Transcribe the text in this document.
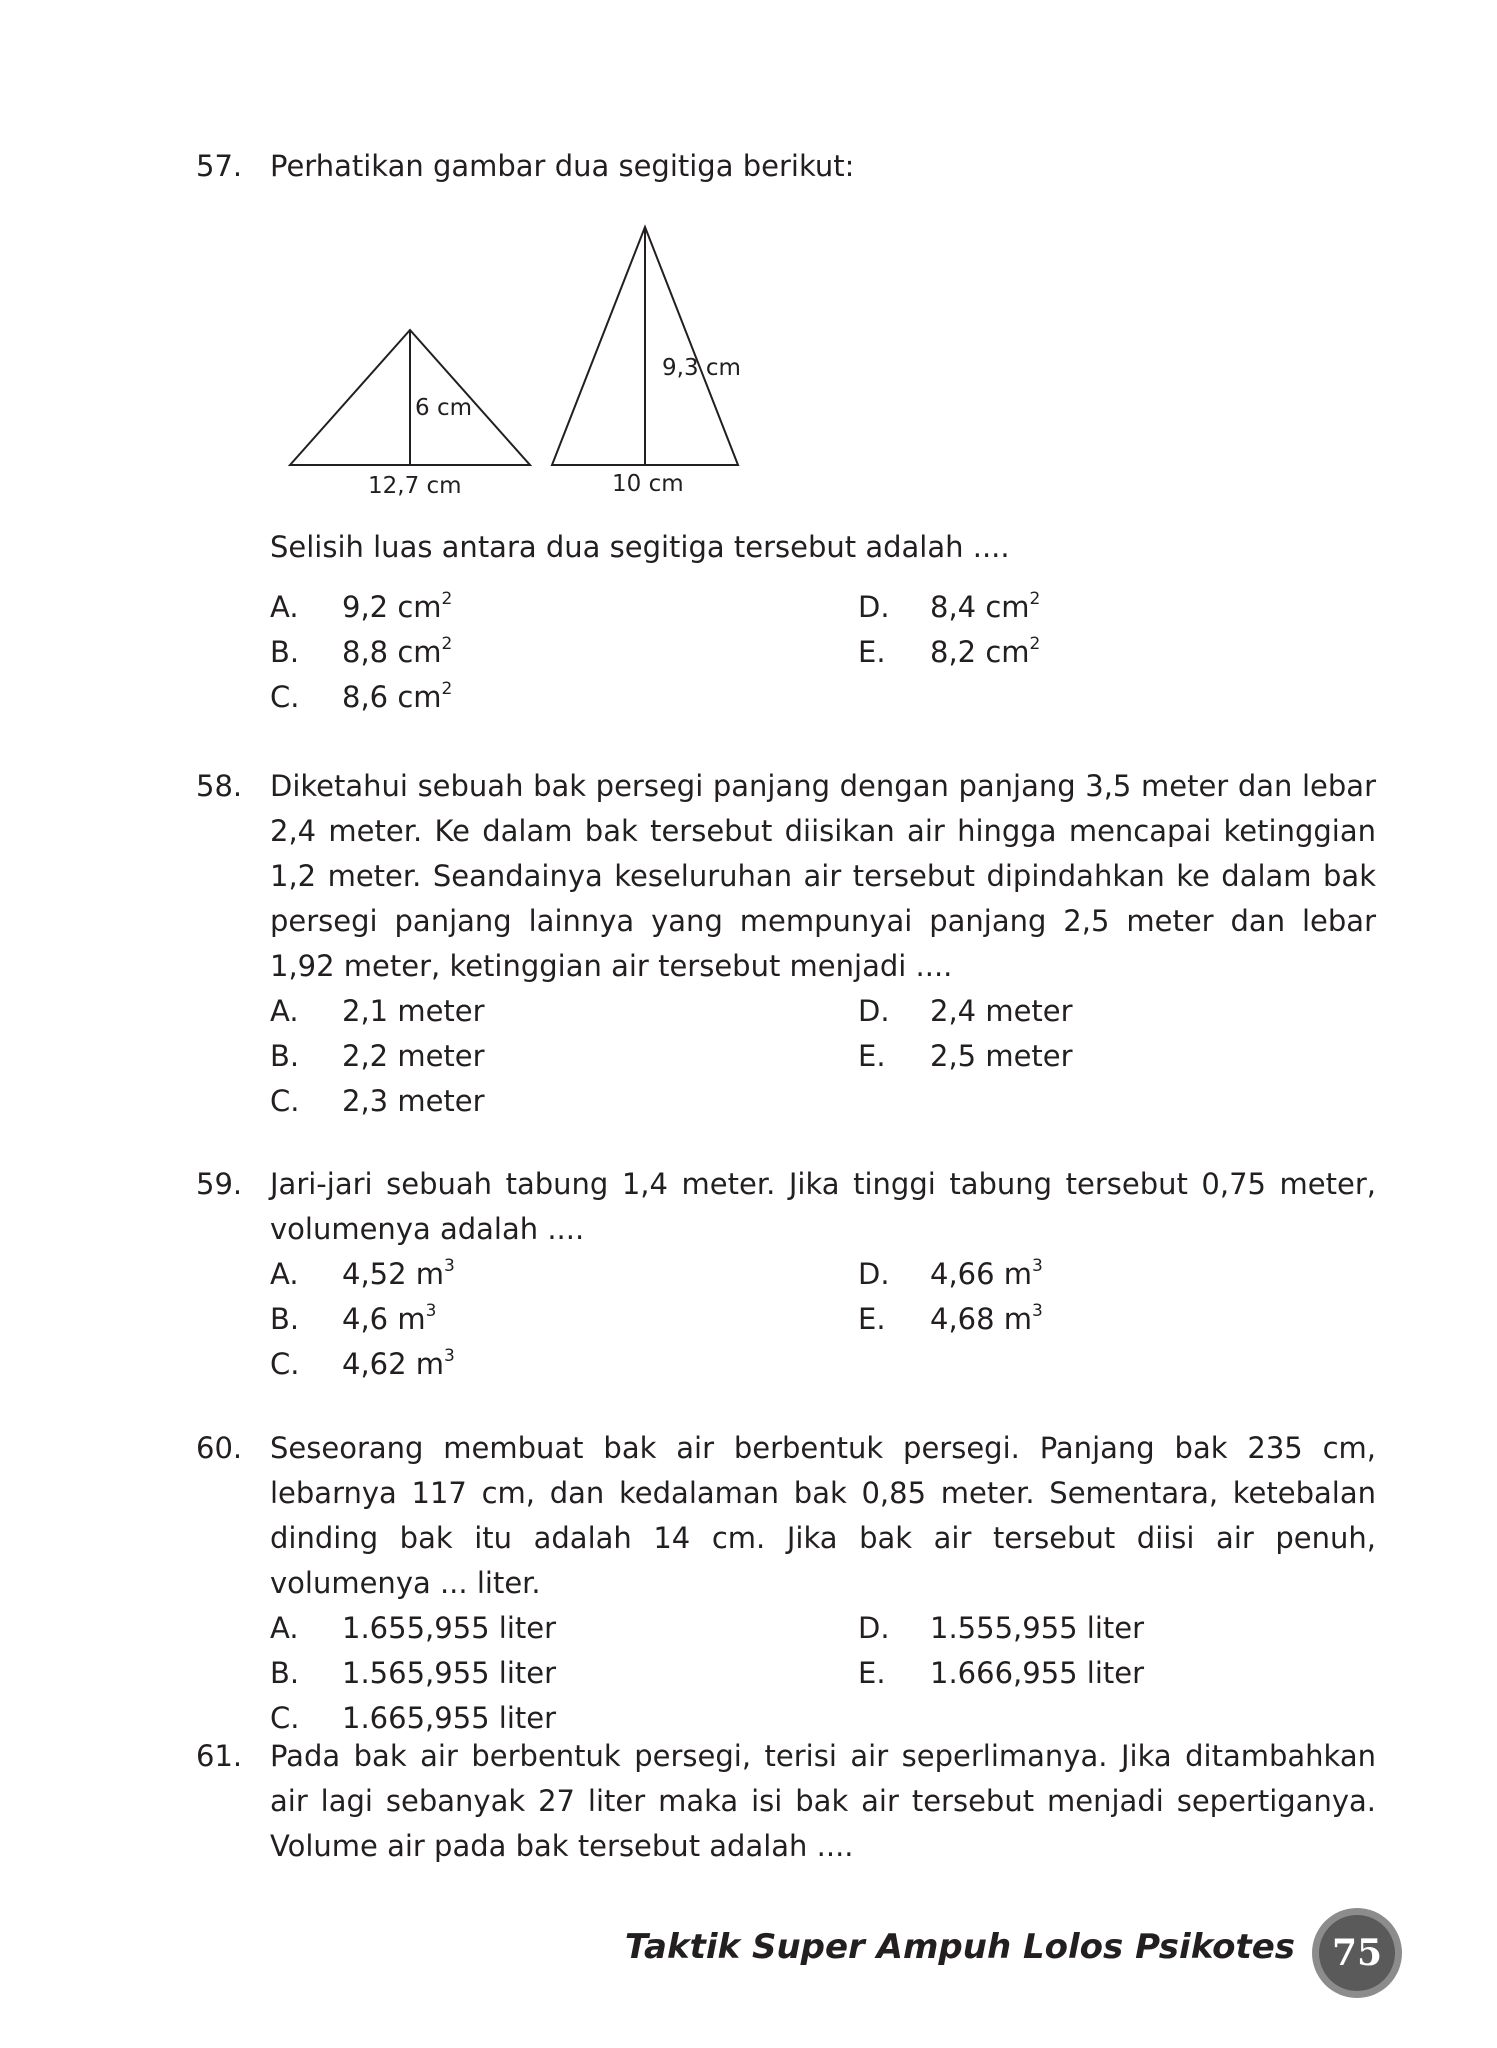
57. Perhatikan gambar dua segitiga berikut:
6 cm
12,7 cm
9,3 cm
10 cm
Selisih luas antara dua segitiga tersebut adalah ....
A. 9,2 $cm^2$
B. 8,8 $cm^2$
C. 8,6 $cm^2$
D. 8,4 $cm^2$
E. 8,2 $cm^2$
58. Diketahui sebuah bak persegi panjang dengan panjang 3,5 meter dan lebar 2,4 meter. Ke dalam bak tersebut diisikan air hingga mencapai ketinggian 1,2 meter. Seandainya keseluruhan air tersebut dipindahkan ke dalam bak persegi panjang lainnya yang mempunyai panjang 2,5 meter dan lebar 1,92 meter, ketinggian air tersebut menjadi ....
A. 2,1 meter
B. 2,2 meter
C. 2,3 meter
D. 2,4 meter
E. 2,5 meter
59. Jari-jari sebuah tabung 1,4 meter. Jika tinggi tabung tersebut 0,75 meter, volumenya adalah ....
A. 4,52 $m^3$
B. 4,6 $m^3$
C. 4,62 $m^3$
D. 4,66 $m^3$
E. 4,68 $m^3$
60. Seseorang membuat bak air berbentuk persegi. Panjang bak 235 cm, lebarnya 117 cm, dan kedalaman bak 0,85 meter. Sementara, ketebalan dinding bak itu adalah 14 cm. Jika bak air tersebut diisi air penuh, volumenya ... liter.
A. 1.655,955 liter
B. 1.565,955 liter
C. 1.665,955 liter
D. 1.555,955 liter
E. 1.666,955 liter
61. Pada bak air berbentuk persegi, terisi air seperlimanya. Jika ditambahkan air lagi sebanyak 27 liter maka isi bak air tersebut menjadi sepertiganya. Volume air pada bak tersebut adalah ....
Taktik Super Ampuh Lolos Psikotes 75
